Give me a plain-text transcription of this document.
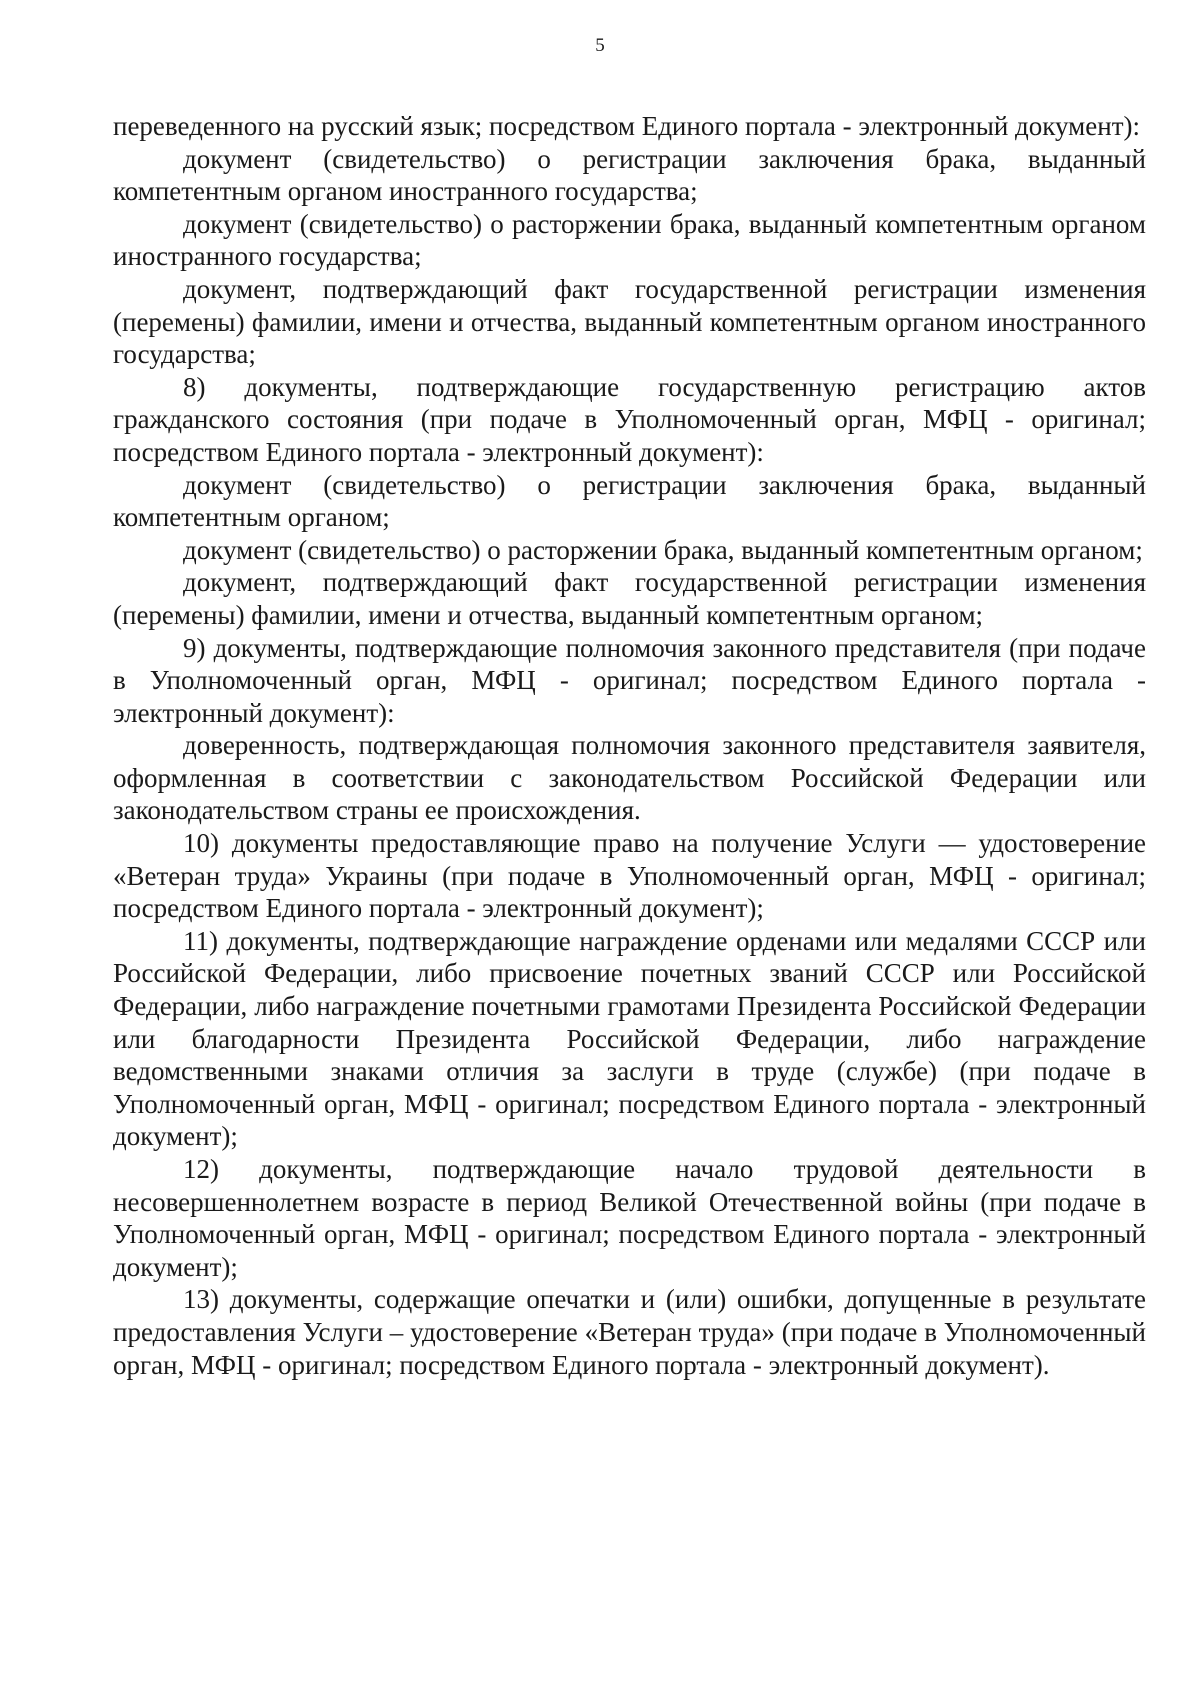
5

переведенного на русский язык; посредством Единого портала - электронный документ):

документ (свидетельство) о регистрации заключения брака, выданный компетентным органом иностранного государства;

документ (свидетельство) о расторжении брака, выданный компетентным органом иностранного государства;

документ, подтверждающий факт государственной регистрации изменения (перемены) фамилии, имени и отчества, выданный компетентным органом иностранного государства;

8) документы, подтверждающие государственную регистрацию актов гражданского состояния (при подаче в Уполномоченный орган, МФЦ - оригинал; посредством Единого портала - электронный документ):

документ (свидетельство) о регистрации заключения брака, выданный компетентным органом;

документ (свидетельство) о расторжении брака, выданный компетентным органом;

документ, подтверждающий факт государственной регистрации изменения (перемены) фамилии, имени и отчества, выданный компетентным органом;

9) документы, подтверждающие полномочия законного представителя (при подаче в Уполномоченный орган, МФЦ - оригинал; посредством Единого портала - электронный документ):

доверенность, подтверждающая полномочия законного представителя заявителя, оформленная в соответствии с законодательством Российской Федерации или законодательством страны ее происхождения.

10) документы предоставляющие право на получение Услуги — удостоверение «Ветеран труда» Украины (при подаче в Уполномоченный орган, МФЦ - оригинал; посредством Единого портала - электронный документ);

11) документы, подтверждающие награждение орденами или медалями СССР или Российской Федерации, либо присвоение почетных званий СССР или Российской Федерации, либо награждение почетными грамотами Президента Российской Федерации или благодарности Президента Российской Федерации, либо награждение ведомственными знаками отличия за заслуги в труде (службе) (при подаче в Уполномоченный орган, МФЦ - оригинал; посредством Единого портала - электронный документ);

12) документы, подтверждающие начало трудовой деятельности в несовершеннолетнем возрасте в период Великой Отечественной войны (при подаче в Уполномоченный орган, МФЦ - оригинал; посредством Единого портала - электронный документ);

13) документы, содержащие опечатки и (или) ошибки, допущенные в результате предоставления Услуги – удостоверение «Ветеран труда» (при подаче в Уполномоченный орган, МФЦ - оригинал; посредством Единого портала - электронный документ).
